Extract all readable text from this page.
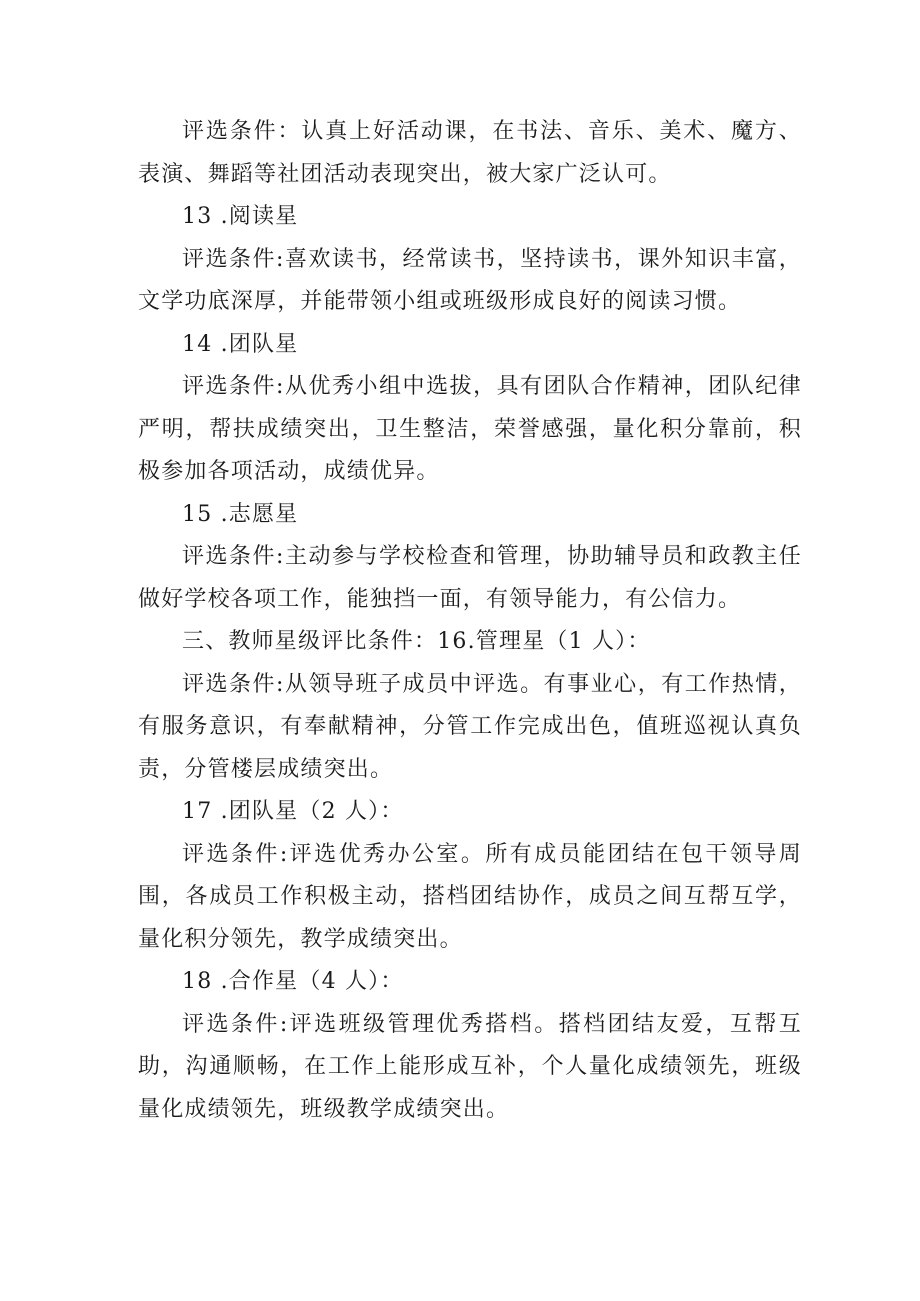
评选条件：认真上好活动课，在书法、音乐、美术、魔方、表演、舞蹈等社团活动表现突出，被大家广泛认可。

13 .阅读星

评选条件:喜欢读书，经常读书，坚持读书，课外知识丰富，文学功底深厚，并能带领小组或班级形成良好的阅读习惯。

14 .团队星

评选条件:从优秀小组中选拔，具有团队合作精神，团队纪律严明，帮扶成绩突出，卫生整洁，荣誉感强，量化积分靠前，积极参加各项活动，成绩优异。

15 .志愿星

评选条件:主动参与学校检查和管理，协助辅导员和政教主任做好学校各项工作，能独挡一面，有领导能力，有公信力。

三、教师星级评比条件：16.管理星（1 人）：

评选条件:从领导班子成员中评选。有事业心，有工作热情，有服务意识，有奉献精神，分管工作完成出色，值班巡视认真负责，分管楼层成绩突出。

17 .团队星（2 人）：

评选条件:评选优秀办公室。所有成员能团结在包干领导周围，各成员工作积极主动，搭档团结协作，成员之间互帮互学，量化积分领先，教学成绩突出。

18 .合作星（4 人）：

评选条件:评选班级管理优秀搭档。搭档团结友爱，互帮互助，沟通顺畅，在工作上能形成互补，个人量化成绩领先，班级量化成绩领先，班级教学成绩突出。
